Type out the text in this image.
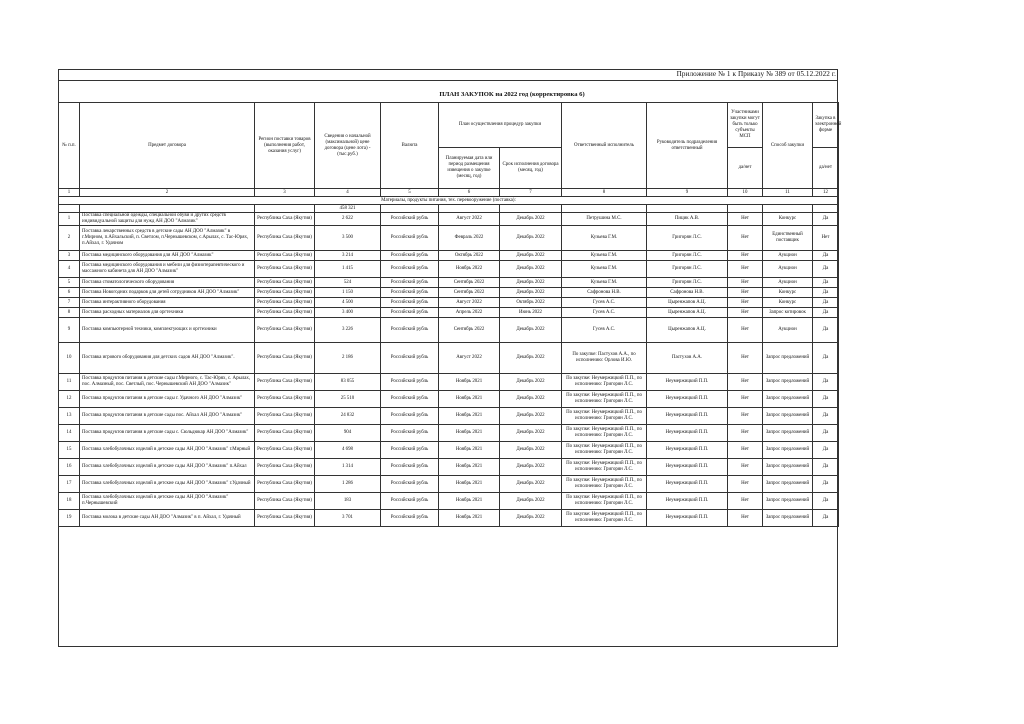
Приложение № 1 к Приказу № 389 от 05.12.2022 г.
ПЛАН ЗАКУПОК на 2022 год (корректировка 6)
№ п.п.	Предмет договора	Регион поставки товаров (выполнения работ, оказания услуг)	Сведения о начальной (максимальной) цене договора (цене лота) - (тыс.руб.)	Валюта	План осуществления процедур закупки		Ответственный исполнитель	Руководитель подразделения ответственный	Участниками закупки могут быть только субъекты МСП	Способ закупки	Закупка в электронной форме
					Планируемая дата или период размещения извещения о закупке (месяц, год)	Срок исполнения договора (месяц, год)			да/нет		да/нет
1	2	3	4	5	6	7	8	9	10	11	12
Материалы, продукты питания, тех. перевооружение (поставка):											
			458 321								
1	Поставка специальной одежды, специальной обуви и других средств индивидуальной защиты для нужд АН ДОО "Алмазик"	Республика Саха (Якутия)	2 622	Российский рубль	Август 2022	Декабрь 2022	Петрушина М.С.	Пицик А.В.	Нет	Конкурс	Да
2	Поставка лекарственных средств в детские сады АН ДОО "Алмазик" в г.Мирном, п.Айхальский, п. Светлом, п.Чернышевском, с.Арылах, с. Тас-Юрях, п.Айхал, г. Удачном	Республика Саха (Якутия)	3 500	Российский рубль	Февраль 2022	Декабрь 2022	Кузьева Г.М.	Григорян Л.С.	Нет	Единственный поставщик	Нет
3	Поставка медицинского оборудования для АН ДОО "Алмазик"	Республика Саха (Якутия)	3 214	Российский рубль	Октябрь 2022	Декабрь 2022	Кузьева Г.М.	Григорян Л.С.	Нет	Аукцион	Да
4	Поставка медицинского оборудования и мебели для физиотерапевтического и массажного кабинета для АН ДОО "Алмазик"	Республика Саха (Якутия)	1 415	Российский рубль	Ноябрь 2022	Декабрь 2022	Кузьева Г.М.	Григорян Л.С.	Нет	Аукцион	Да
5	Поставка стоматологического оборудования	Республика Саха (Якутия)	524	Российский рубль	Сентябрь 2022	Декабрь 2022	Кузьева Г.М.	Григорян Л.С.	Нет	Аукцион	Да
6	Поставка Новогодних подарков для детей сотрудников АН ДОО "Алмазик"	Республика Саха (Якутия)	1 150	Российский рубль	Сентябрь 2022	Декабрь 2022	Сафронова Н.В.	Сафронова Н.В.	Нет	Конкурс	Да
7	Поставка интерактивного оборудования	Республика Саха (Якутия)	4 500	Российский рубль	Август 2022	Октябрь 2022	Гусев А.С.	Цыренжапов А.Ц.	Нет	Конкурс	Да
8	Поставка расходных материалов для оргтехники	Республика Саха (Якутия)	3 400	Российский рубль	Апрель 2022	Июнь 2022	Гусев А.С.	Цыренжапов А.Ц.	Нет	Запрос котировок	Да
9	Поставка компьютерной техники, комплектующих и оргтехники	Республика Саха (Якутия)	3 226	Российский рубль	Сентябрь 2022	Декабрь 2022	Гусев А.С.	Цыренжапов А.Ц.	Нет	Аукцион	Да
10	Поставка игрового оборудования для детских садов АН ДОО "Алмазик".	Республика Саха (Якутия)	2 186	Российский рубль	Август 2022	Декабрь 2022	По закупке: Пастухов А.А., по исполнению: Орлова И.Ю.	Пастухов А.А.	Нет	Запрос предложений	Да
11	Поставка продуктов питания в детские сады г.Мирного, с. Тас-Юрях, с. Арылах, пос. Алмазный, пос. Светлый, пос. Чернышевский АН ДОО "Алмазик"	Республика Саха (Якутия)	83 055	Российский рубль	Ноябрь 2021	Декабрь 2022	По закупке: Неумержицкий П.П., по исполнению: Григорян Л.С.	Неумержицкий П.П.	Нет	Запрос предложений	Да
12	Поставка продуктов питания в детские сады г. Удачного АН ДОО "Алмазик"	Республика Саха (Якутия)	25 510	Российский рубль	Ноябрь 2021	Декабрь 2022	По закупке: Неумержицкий П.П., по исполнению: Григорян Л.С.	Неумержицкий П.П.	Нет	Запрос предложений	Да
13	Поставка продуктов питания в детские сады пос. Айхал АН ДОО "Алмазик"	Республика Саха (Якутия)	24 832	Российский рубль	Ноябрь 2021	Декабрь 2022	По закупке: Неумержицкий П.П., по исполнению: Григорян Л.С.	Неумержицкий П.П.	Нет	Запрос предложений	Да
14	Поставка продуктов питания в детские сады с. Сюльдюкар АН ДОО "Алмазик"	Республика Саха (Якутия)	904	Российский рубль	Ноябрь 2021	Декабрь 2022	По закупке: Неумержицкий П.П., по исполнению: Григорян Л.С.	Неумержицкий П.П.	Нет	Запрос предложений	Да
15	Поставка хлебобулочных изделий в детские сады АН ДОО "Алмазик" г.Мирный	Республика Саха (Якутия)	4 698	Российский рубль	Ноябрь 2021	Декабрь 2022	По закупке: Неумержицкий П.П., по исполнению: Григорян Л.С.	Неумержицкий П.П.	Нет	Запрос предложений	Да
16	Поставка хлебобулочных изделий в детские сады АН ДОО "Алмазик" п.Айхал	Республика Саха (Якутия)	1 314	Российский рубль	Ноябрь 2021	Декабрь 2022	По закупке: Неумержицкий П.П., по исполнению: Григорян Л.С.	Неумержицкий П.П.	Нет	Запрос предложений	Да
17	Поставка хлебобулочных изделий в детские сады АН ДОО "Алмазик" г.Удачный	Республика Саха (Якутия)	1 286	Российский рубль	Ноябрь 2021	Декабрь 2022	По закупке: Неумержицкий П.П., по исполнению: Григорян Л.С.	Неумержицкий П.П.	Нет	Запрос предложений	Да
18	Поставка хлебобулочных изделий в детские сады АН ДОО "Алмазик" п.Чернышевский	Республика Саха (Якутия)	183	Российский рубль	Ноябрь 2021	Декабрь 2022	По закупке: Неумержицкий П.П., по исполнению: Григорян Л.С.	Неумержицкий П.П.	Нет	Запрос предложений	Да
19	Поставка молока в детские сады АН ДОО "Алмазик" в п. Айхал, г. Удачный	Республика Саха (Якутия)	3 701	Российский рубль	Ноябрь 2021	Декабрь 2022	По закупке: Неумержицкий П.П., по исполнению: Григорян Л.С.	Неумержицкий П.П.	Нет	Запрос предложений	Да
